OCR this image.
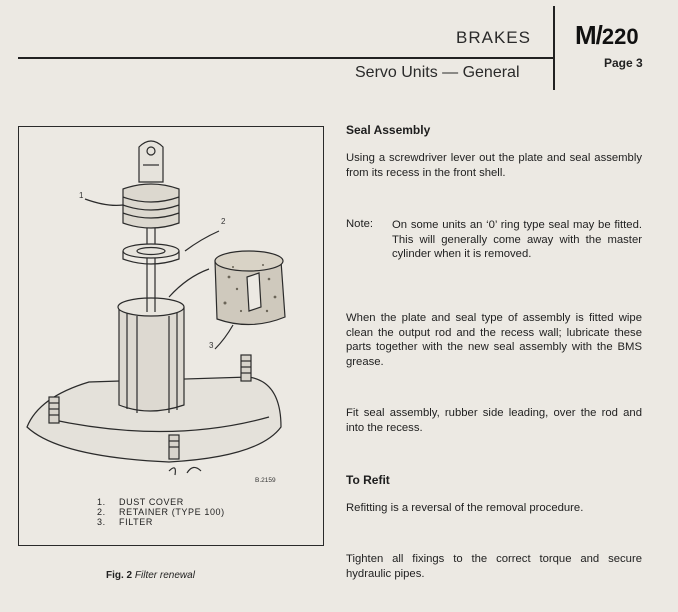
BRAKES
Servo Units — General
M/220
Page 3
1
2
3
B.2159
1. DUST COVER
2. RETAINER (TYPE 100)
3. FILTER
Fig. 2 Filter renewal
Seal Assembly
Using a screwdriver lever out the plate and seal assembly from its recess in the front shell.
Note: On some units an ‘0’ ring type seal may be fitted. This will generally come away with the master cylinder when it is removed.
When the plate and seal type of assembly is fitted wipe clean the output rod and the recess wall; lubricate these parts together with the new seal assembly with the BMS grease.
Fit seal assembly, rubber side leading, over the rod and into the recess.
To Refit
Refitting is a reversal of the removal procedure.
Tighten all fixings to the correct torque and secure hydraulic pipes.
